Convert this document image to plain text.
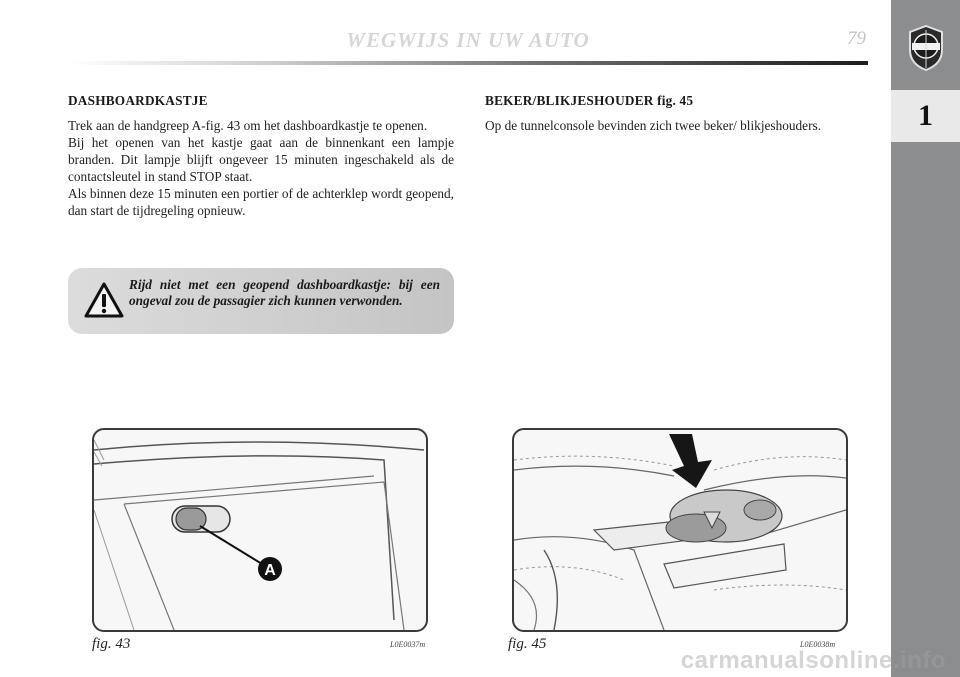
WEGWIJS IN UW AUTO	79
1
DASHBOARDKASTJE

Trek aan de handgreep A-fig. 43 om het dashboardkastje te openen.

Bij het openen van het kastje gaat aan de binnenkant een lampje branden. Dit lampje blijft ongeveer 15 minuten ingeschakeld als de contactsleutel in stand STOP staat.

Als binnen deze 15 minuten een portier of de achterklep wordt geopend, dan start de tijdregeling opnieuw.

Rijd niet met een geopend dashboardkastje: bij een ongeval zou de passagier zich kunnen verwonden.
BEKER/BLIKJESHOUDER fig. 45

Op de tunnelconsole bevinden zich twee beker/ blikjeshouders.

A
fig. 43	L0E0037m	fig. 45	L0E0038m
carmanualsonline.info
